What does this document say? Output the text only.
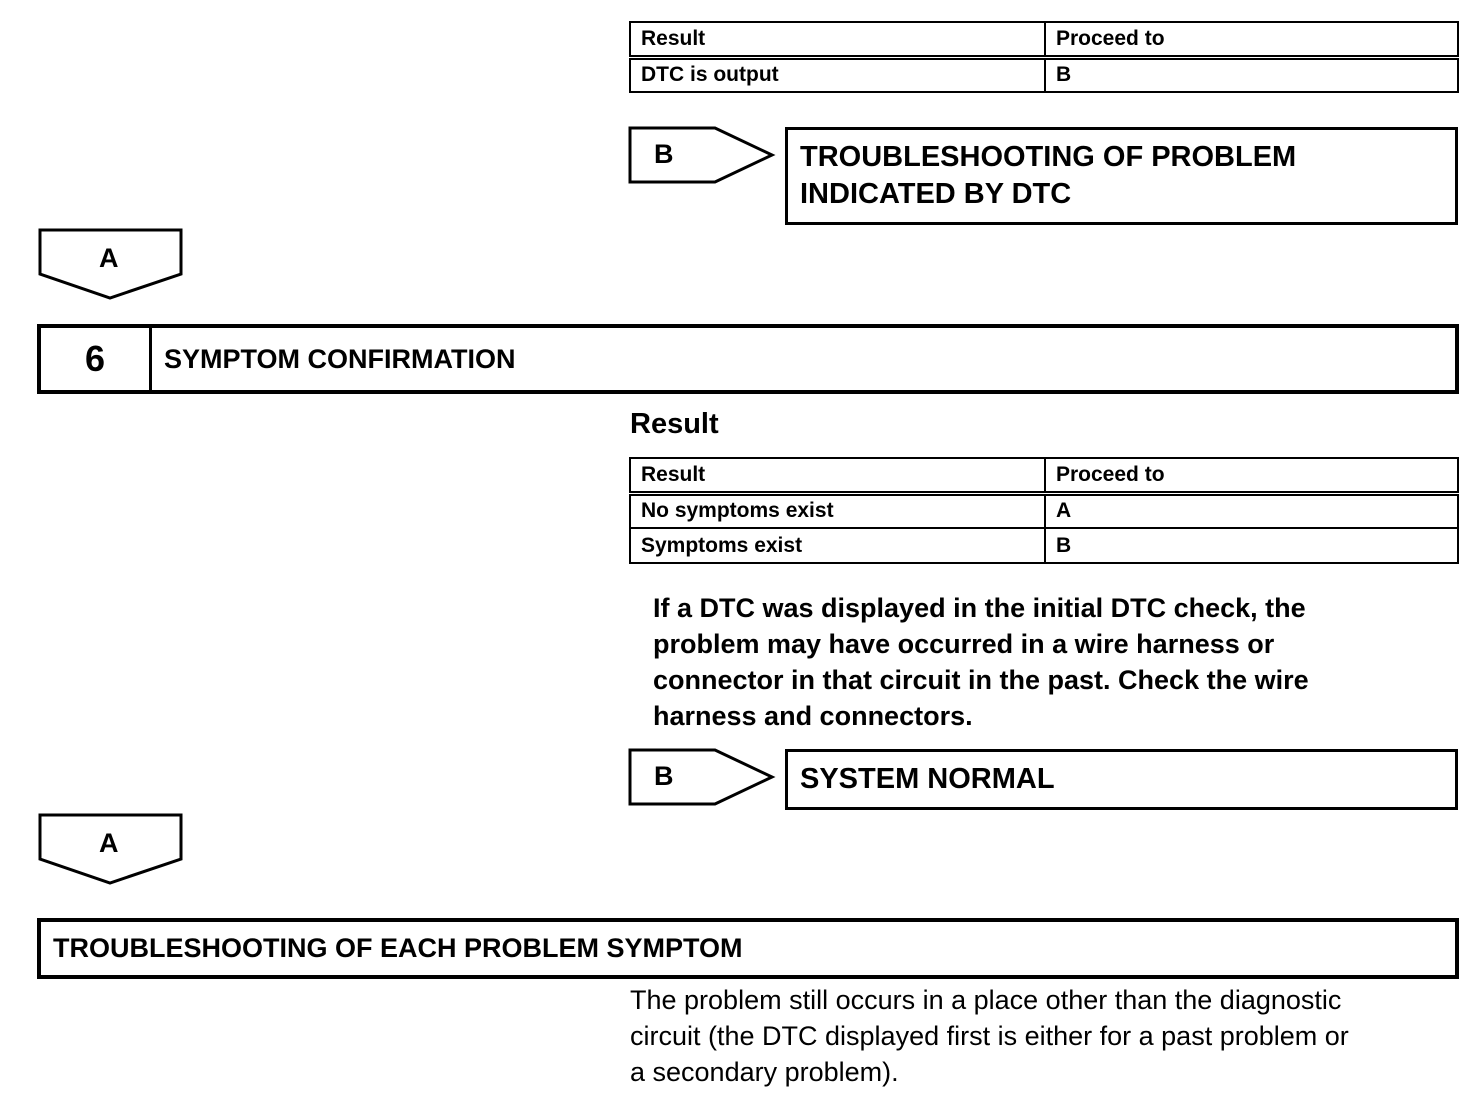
Result	Proceed to
DTC is output	B
B	TROUBLESHOOTING OF PROBLEM
INDICATED BY DTC
A
6	SYMPTOM CONFIRMATION
Result
Result	Proceed to
No symptoms exist	A
Symptoms exist	B
If a DTC was displayed in the initial DTC check, the
problem may have occurred in a wire harness or
connector in that circuit in the past. Check the wire
harness and connectors.
B	SYSTEM NORMAL
A
TROUBLESHOOTING OF EACH PROBLEM SYMPTOM
The problem still occurs in a place other than the diagnostic
circuit (the DTC displayed first is either for a past problem or
a secondary problem).
